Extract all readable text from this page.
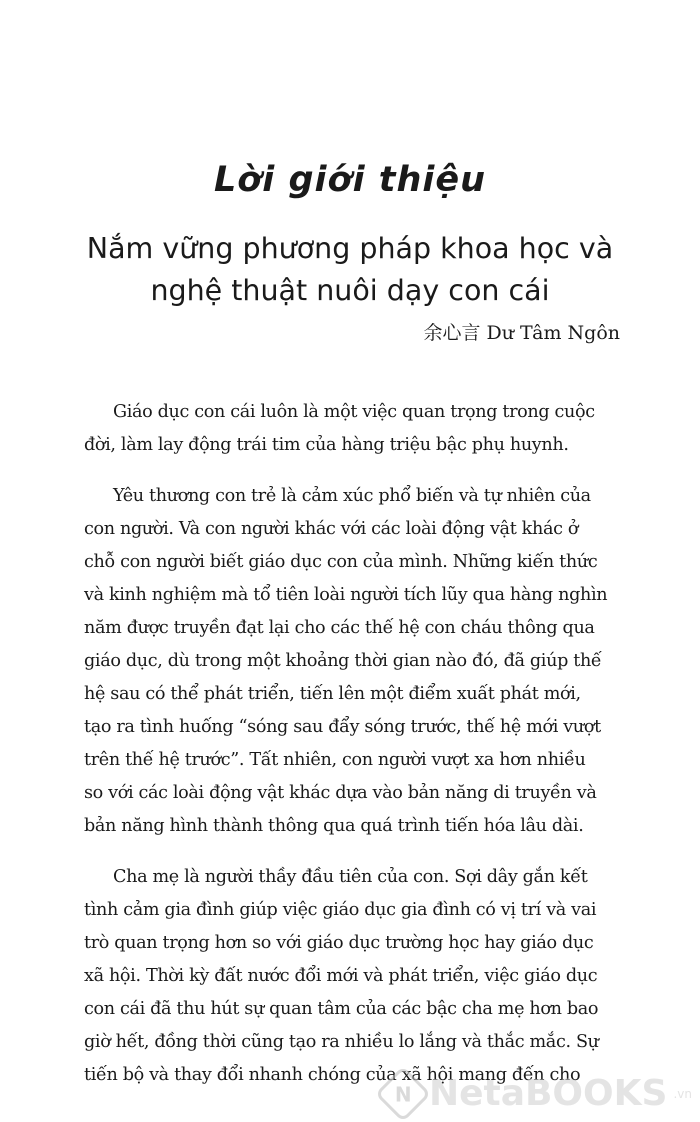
Lời giới thiệu
Nắm vững phương pháp khoa học và
nghệ thuật nuôi dạy con cái
余心言 Dư Tâm Ngôn
Giáo dục con cái luôn là một việc quan trọng trong cuộc
đời, làm lay động trái tim của hàng triệu bậc phụ huynh.
Yêu thương con trẻ là cảm xúc phổ biến và tự nhiên của
con người. Và con người khác với các loài động vật khác ở
chỗ con người biết giáo dục con của mình. Những kiến thức
và kinh nghiệm mà tổ tiên loài người tích lũy qua hàng nghìn
năm được truyền đạt lại cho các thế hệ con cháu thông qua
giáo dục, dù trong một khoảng thời gian nào đó, đã giúp thế
hệ sau có thể phát triển, tiến lên một điểm xuất phát mới,
tạo ra tình huống “sóng sau đẩy sóng trước, thế hệ mới vượt
trên thế hệ trước”. Tất nhiên, con người vượt xa hơn nhiều
so với các loài động vật khác dựa vào bản năng di truyền và
bản năng hình thành thông qua quá trình tiến hóa lâu dài.
Cha mẹ là người thầy đầu tiên của con. Sợi dây gắn kết
tình cảm gia đình giúp việc giáo dục gia đình có vị trí và vai
trò quan trọng hơn so với giáo dục trường học hay giáo dục
xã hội. Thời kỳ đất nước đổi mới và phát triển, việc giáo dục
con cái đã thu hút sự quan tâm của các bậc cha mẹ hơn bao
giờ hết, đồng thời cũng tạo ra nhiều lo lắng và thắc mắc. Sự
tiến bộ và thay đổi nhanh chóng của xã hội mang đến cho
N NetaBOOKS .vn
